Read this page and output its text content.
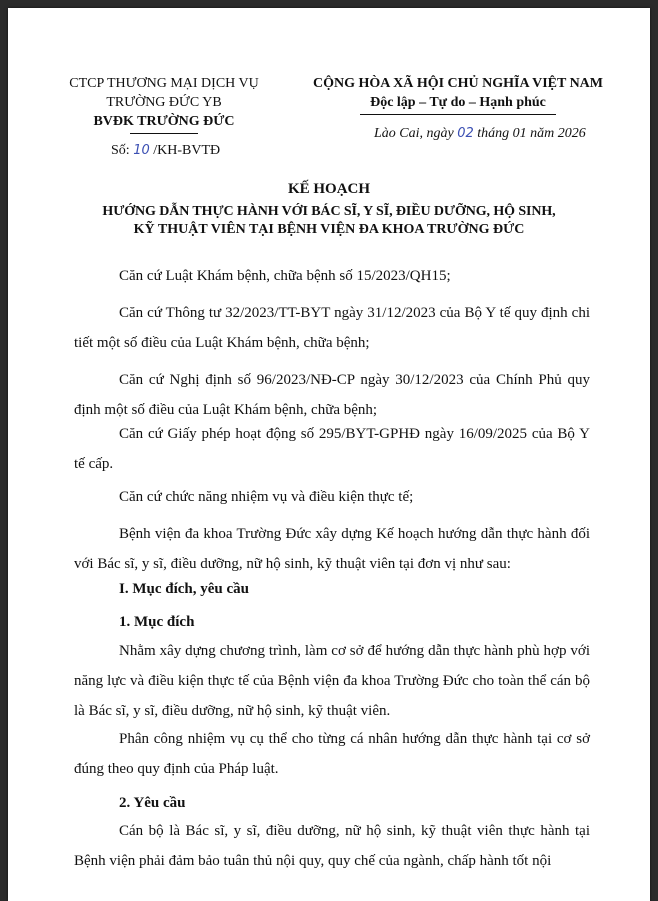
CTCP THƯƠNG MẠI DỊCH VỤ
TRƯỜNG ĐỨC YB
BVĐK TRƯỜNG ĐỨC
Số: 10 /KH-BVTĐ
CỘNG HÒA XÃ HỘI CHỦ NGHĨA VIỆT NAM
Độc lập – Tự do – Hạnh phúc
Lào Cai, ngày 02 tháng 01 năm 2026
KẾ HOẠCH
HƯỚNG DẪN THỰC HÀNH VỚI BÁC SĨ, Y SĨ, ĐIỀU DƯỠNG, HỘ SINH,
KỸ THUẬT VIÊN TẠI BỆNH VIỆN ĐA KHOA TRƯỜNG ĐỨC
Căn cứ Luật Khám bệnh, chữa bệnh số 15/2023/QH15;
Căn cứ Thông tư 32/2023/TT-BYT ngày 31/12/2023 của Bộ Y tế quy định chi tiết một số điều của Luật Khám bệnh, chữa bệnh;
Căn cứ Nghị định số 96/2023/NĐ-CP ngày 30/12/2023 của Chính Phủ quy định một số điều của Luật Khám bệnh, chữa bệnh;
Căn cứ Giấy phép hoạt động số 295/BYT-GPHĐ ngày 16/09/2025 của Bộ Y tế cấp.
Căn cứ chức năng nhiệm vụ và điều kiện thực tế;
Bệnh viện đa khoa Trường Đức xây dựng Kế hoạch hướng dẫn thực hành đối với Bác sĩ, y sĩ, điều dưỡng, nữ hộ sinh, kỹ thuật viên tại đơn vị như sau:
I. Mục đích, yêu cầu
1. Mục đích
Nhằm xây dựng chương trình, làm cơ sở để hướng dẫn thực hành phù hợp với năng lực và điều kiện thực tế của Bệnh viện đa khoa Trường Đức cho toàn thể cán bộ là Bác sĩ, y sĩ, điều dưỡng, nữ hộ sinh, kỹ thuật viên.
Phân công nhiệm vụ cụ thể cho từng cá nhân hướng dẫn thực hành tại cơ sở đúng theo quy định của Pháp luật.
2. Yêu cầu
Cán bộ là Bác sĩ, y sĩ, điều dưỡng, nữ hộ sinh, kỹ thuật viên thực hành tại Bệnh viện phải đảm bảo tuân thủ nội quy, quy chế của ngành, chấp hành tốt nội
